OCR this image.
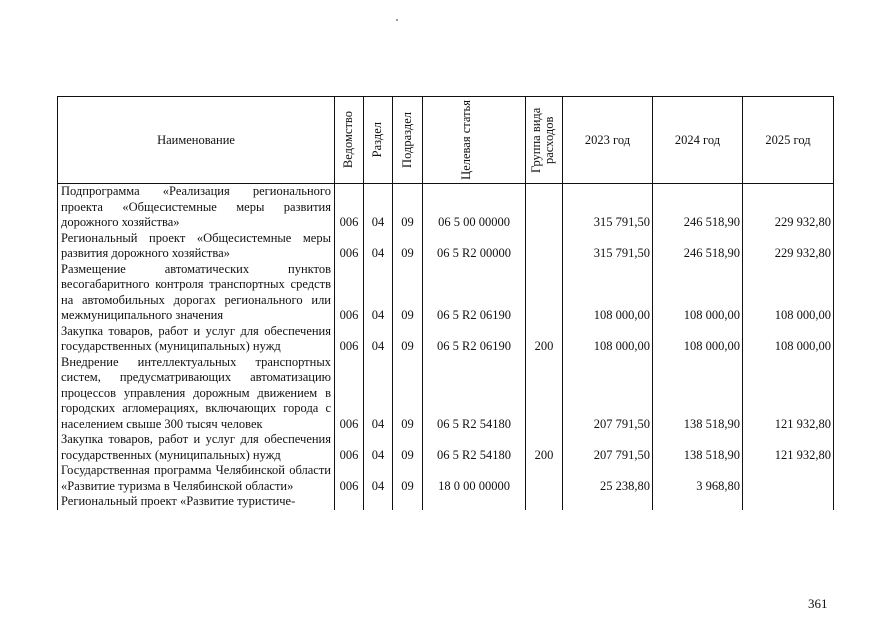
Наименование	Ведомство	Раздел	Подраздел	Целевая статья	Группа вида расходов	2023 год	2024 год	2025 год
Подпрограмма «Реализация регионального проекта «Общесистемные меры развития дорожного хозяйства»	006	04	09	06 5 00 00000		315 791,50	246 518,90	229 932,80
Региональный проект «Общесистемные меры развития дорожного хозяйства»	006	04	09	06 5 R2 00000		315 791,50	246 518,90	229 932,80
Размещение автоматических пунктов весогабаритного контроля транспортных средств на автомобильных дорогах регионального или межмуниципального значения	006	04	09	06 5 R2 06190		108 000,00	108 000,00	108 000,00
Закупка товаров, работ и услуг для обеспечения государственных (муниципальных) нужд	006	04	09	06 5 R2 06190	200	108 000,00	108 000,00	108 000,00
Внедрение интеллектуальных транспортных систем, предусматривающих автоматизацию процессов управления дорожным движением в городских агломерациях, включающих города с населением свыше 300 тысяч человек	006	04	09	06 5 R2 54180		207 791,50	138 518,90	121 932,80
Закупка товаров, работ и услуг для обеспечения государственных (муниципальных) нужд	006	04	09	06 5 R2 54180	200	207 791,50	138 518,90	121 932,80
Государственная программа Челябинской области «Развитие туризма в Челябинской области»	006	04	09	18 0 00 00000		25 238,80	3 968,80	
Региональный проект «Развитие туристиче-								
361
